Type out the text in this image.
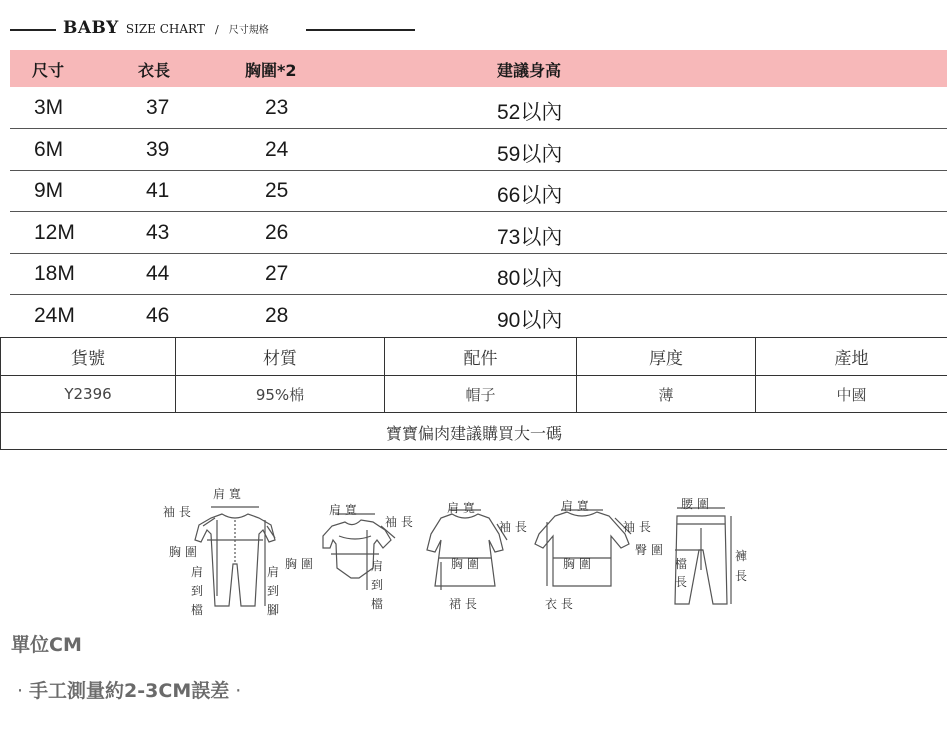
BABY SIZE CHART / 尺寸規格
尺寸	衣長	胸圍*2	建議身高
3M	37	23	52以內
6M	39	24	59以內
9M	41	25	66以內
12M	43	26	73以內
18M	44	27	80以內
24M	46	28	90以內
貨號	材質	配件	厚度	產地
Y2396	95%棉	帽子	薄	中國
寶寶偏肉建議購買大一碼
肩 寬
袖 長
胸 圍
肩
到
檔
肩
到
腳
肩 寬
袖 長
胸 圍	肩
到
檔
肩 寬
袖 長
胸 圍
裙 長
肩 寬
袖 長
胸 圍
衣 長
腰 圍
臀 圍
檔
長
褲
長
單位CM
· 手工測量約2-3CM誤差 ·
